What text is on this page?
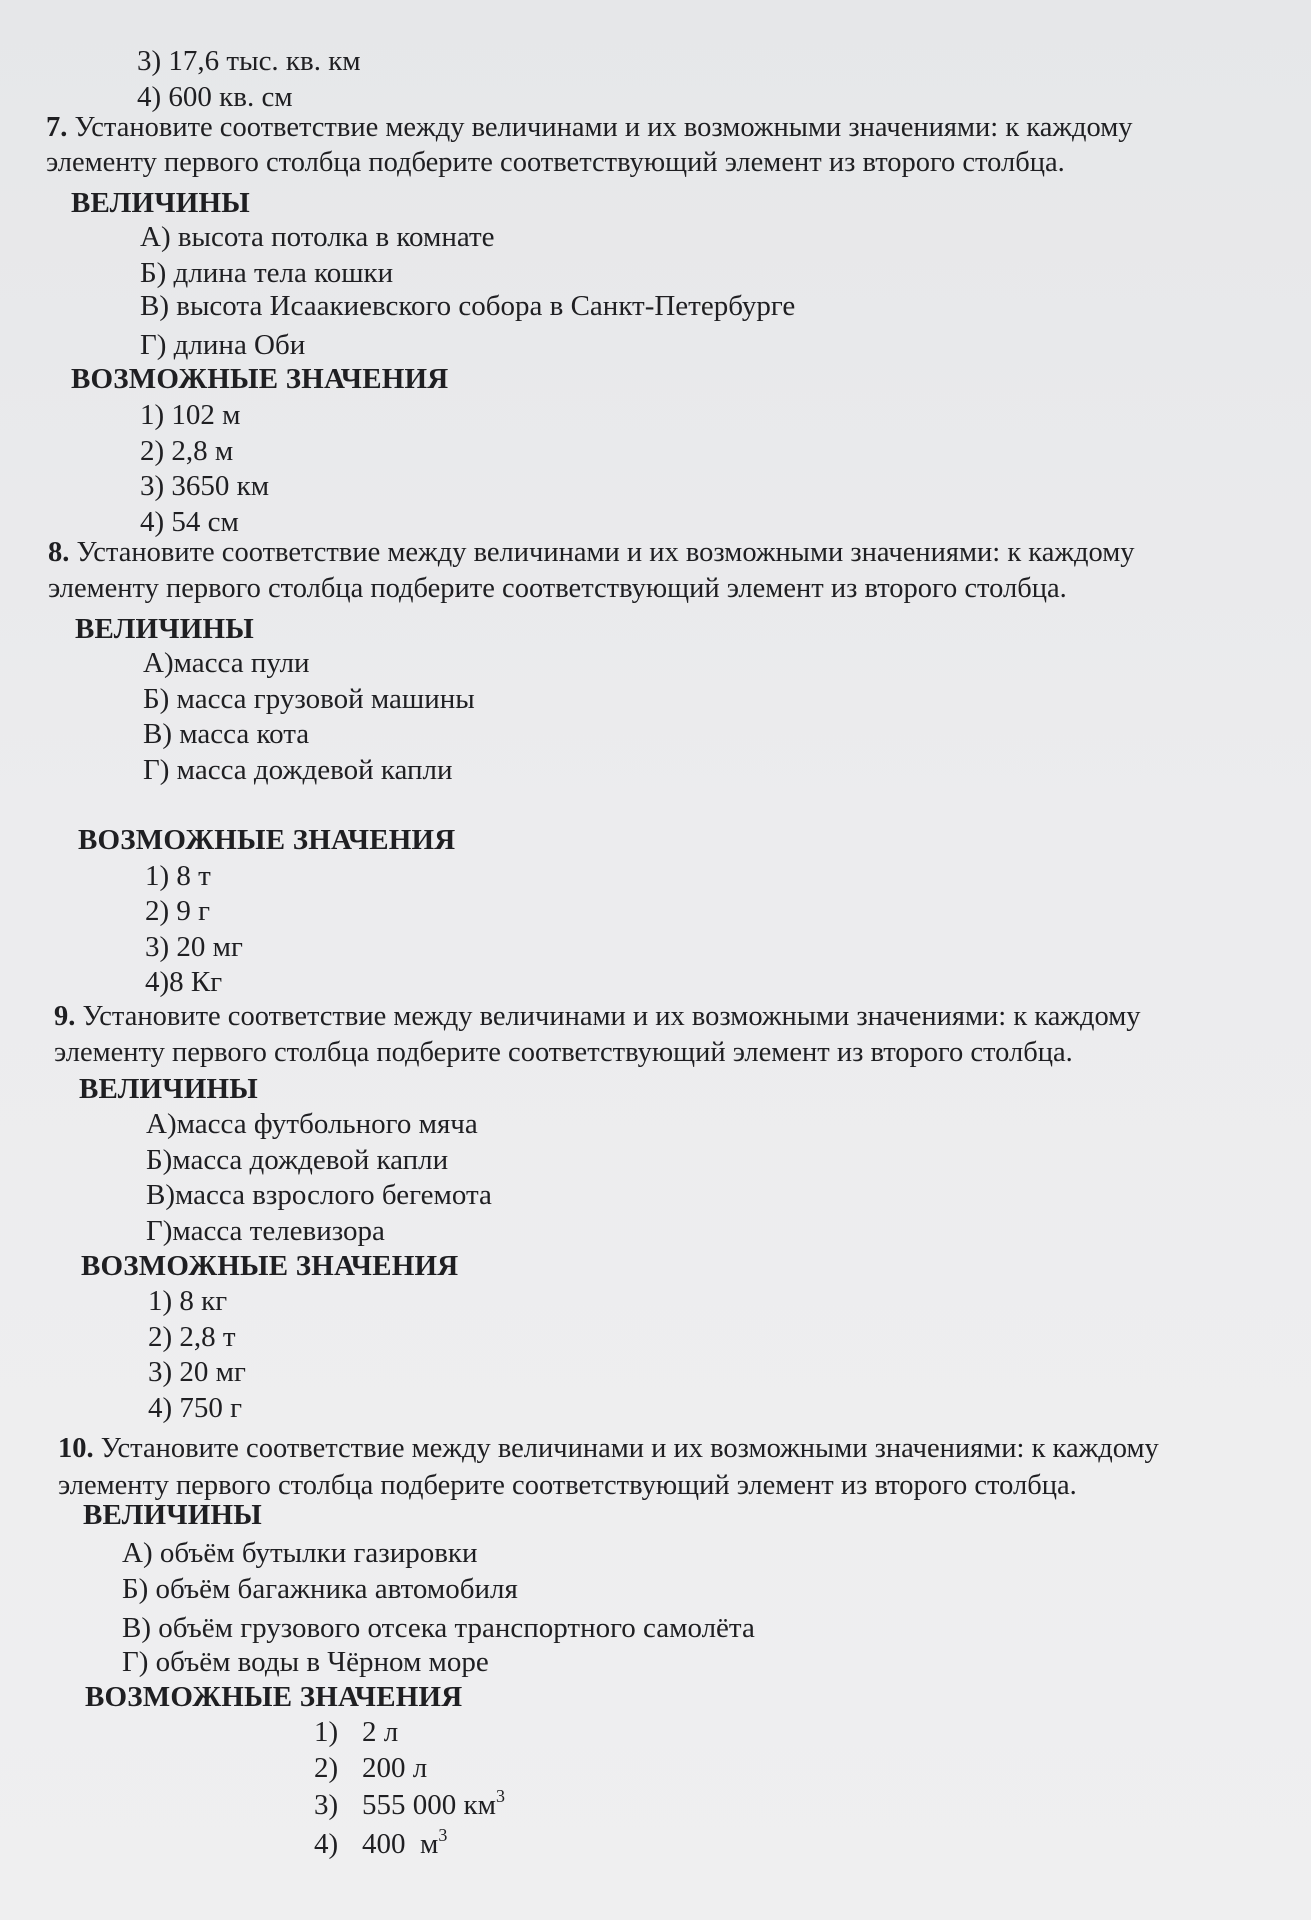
3) 17,6 тыс. кв. км
4) 600 кв. см
7. Установите соответствие между величинами и их возможными значениями: к каждому
элементу первого столбца подберите соответствующий элемент из второго столбца.
ВЕЛИЧИНЫ
А) высота потолка в комнате
Б) длина тела кошки
В) высота Исаакиевского собора в Санкт-Петербурге
Г) длина Оби
ВОЗМОЖНЫЕ ЗНАЧЕНИЯ
1) 102 м
2) 2,8 м
3) 3650 км
4) 54 см
8. Установите соответствие между величинами и их возможными значениями: к каждому
элементу первого столбца подберите соответствующий элемент из второго столбца.
ВЕЛИЧИНЫ
А)масса пули
Б) масса грузовой машины
В) масса кота
Г) масса дождевой капли
ВОЗМОЖНЫЕ ЗНАЧЕНИЯ
1) 8 т
2) 9 г
3) 20 мг
4)8 Кг
9. Установите соответствие между величинами и их возможными значениями: к каждому
элементу первого столбца подберите соответствующий элемент из второго столбца.
ВЕЛИЧИНЫ
А)масса футбольного мяча
Б)масса дождевой капли
В)масса взрослого бегемота
Г)масса телевизора
ВОЗМОЖНЫЕ ЗНАЧЕНИЯ
1) 8 кг
2) 2,8 т
3) 20 мг
4) 750 г
10. Установите соответствие между величинами и их возможными значениями: к каждому
элементу первого столбца подберите соответствующий элемент из второго столбца.
ВЕЛИЧИНЫ
А) объём бутылки газировки
Б) объём багажника автомобиля
В) объём грузового отсека транспортного самолёта
Г) объём воды в Чёрном море
ВОЗМОЖНЫЕ ЗНАЧЕНИЯ
1) 2 л
2) 200 л
3) 555 000 $км^3$
4) 400  $м^3$
